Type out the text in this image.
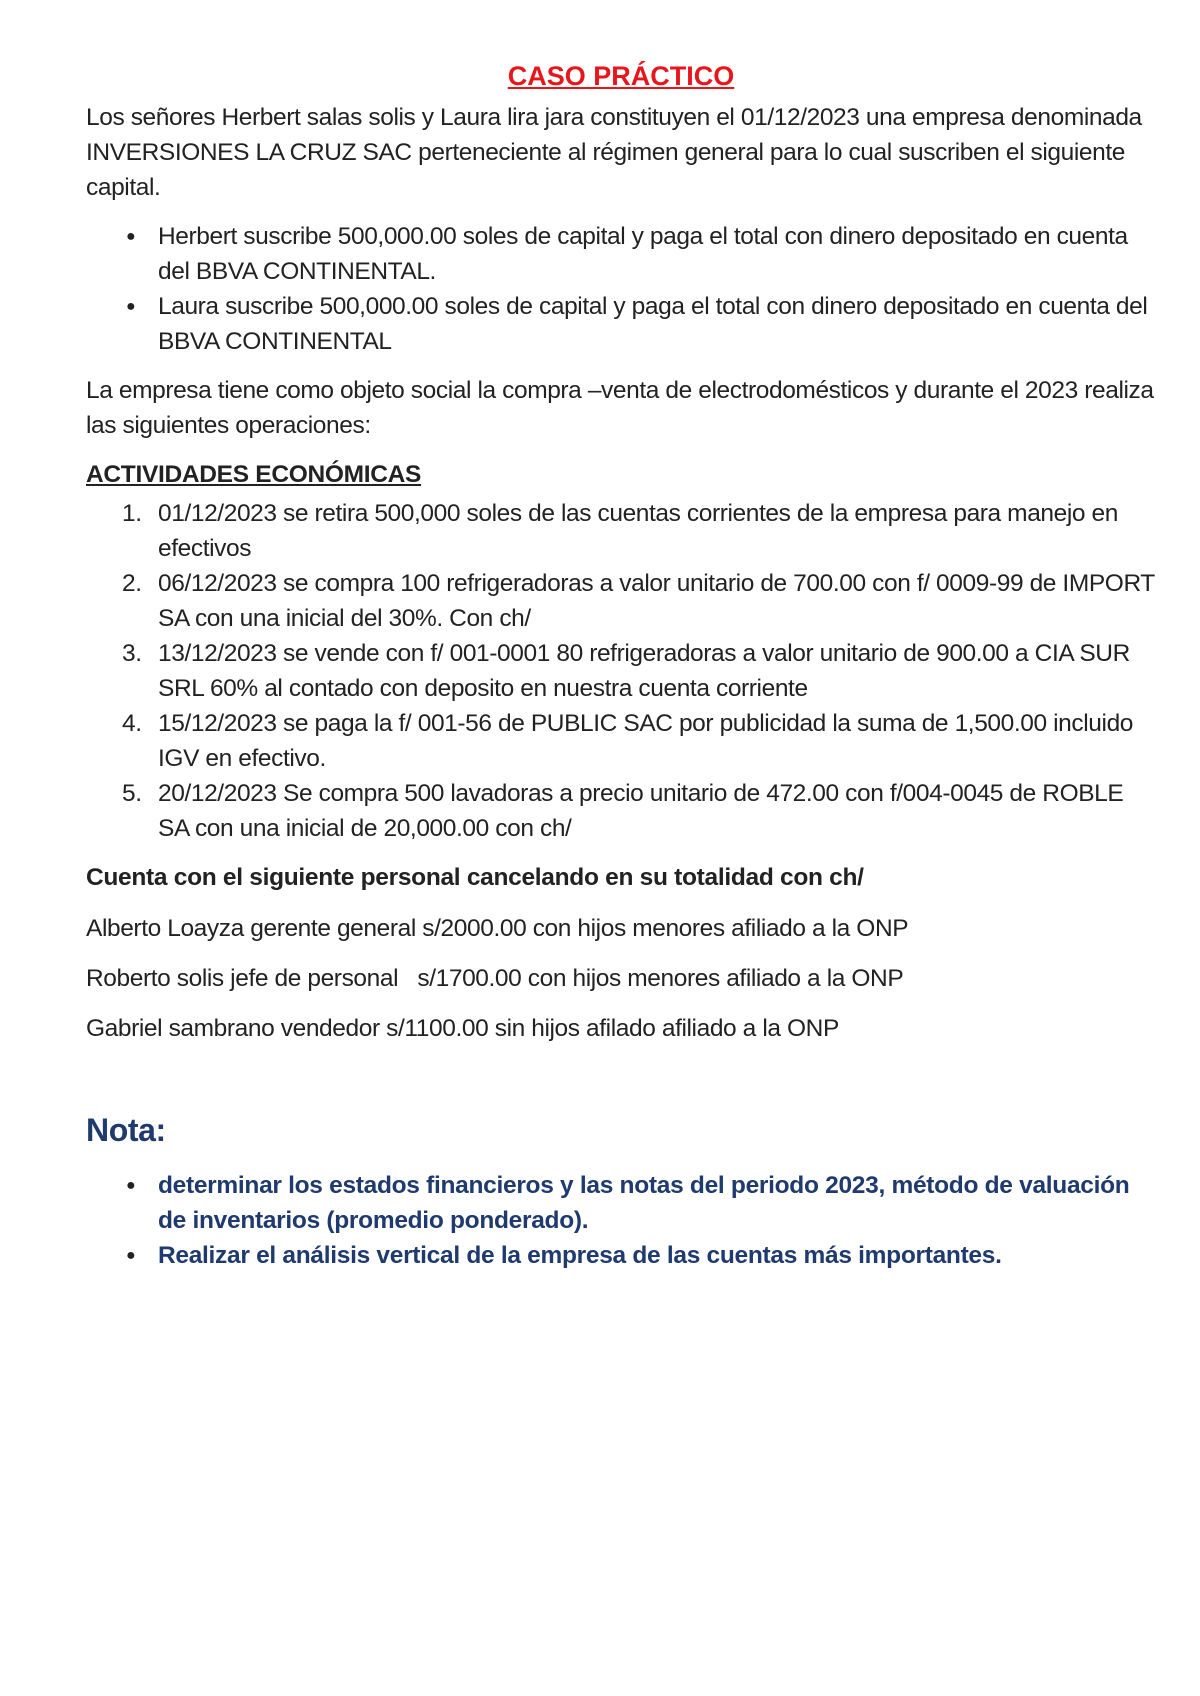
CASO PRÁCTICO

Los señores Herbert salas solis y Laura lira jara constituyen el 01/12/2023 una empresa denominada INVERSIONES LA CRUZ SAC perteneciente al régimen general para lo cual suscriben el siguiente capital.

● Herbert suscribe 500,000.00 soles de capital y paga el total con dinero depositado en cuenta del BBVA CONTINENTAL.
● Laura suscribe 500,000.00 soles de capital y paga el total con dinero depositado en cuenta del BBVA CONTINENTAL

La empresa tiene como objeto social la compra –venta de electrodomésticos y durante el 2023 realiza las siguientes operaciones:

ACTIVIDADES ECONÓMICAS
1. 01/12/2023 se retira 500,000 soles de las cuentas corrientes de la empresa para manejo en efectivos
2. 06/12/2023 se compra 100 refrigeradoras a valor unitario de 700.00 con f/ 0009-99 de IMPORT SA con una inicial del 30%. Con ch/
3. 13/12/2023 se vende con f/ 001-0001 80 refrigeradoras a valor unitario de 900.00 a CIA SUR SRL 60% al contado con deposito en nuestra cuenta corriente
4. 15/12/2023 se paga la f/ 001-56 de PUBLIC SAC por publicidad la suma de 1,500.00 incluido IGV en efectivo.
5. 20/12/2023 Se compra 500 lavadoras a precio unitario de 472.00 con f/004-0045 de ROBLE SA con una inicial de 20,000.00 con ch/
Cuenta con el siguiente personal cancelando en su totalidad con ch/

Alberto Loayza gerente general s/2000.00 con hijos menores afiliado a la ONP

Roberto solis jefe de personal   s/1700.00 con hijos menores afiliado a la ONP

Gabriel sambrano vendedor s/1100.00 sin hijos afilado afiliado a la ONP

Nota:
● determinar los estados financieros y las notas del periodo 2023, método de valuación de inventarios (promedio ponderado).
● Realizar el análisis vertical de la empresa de las cuentas más importantes.
